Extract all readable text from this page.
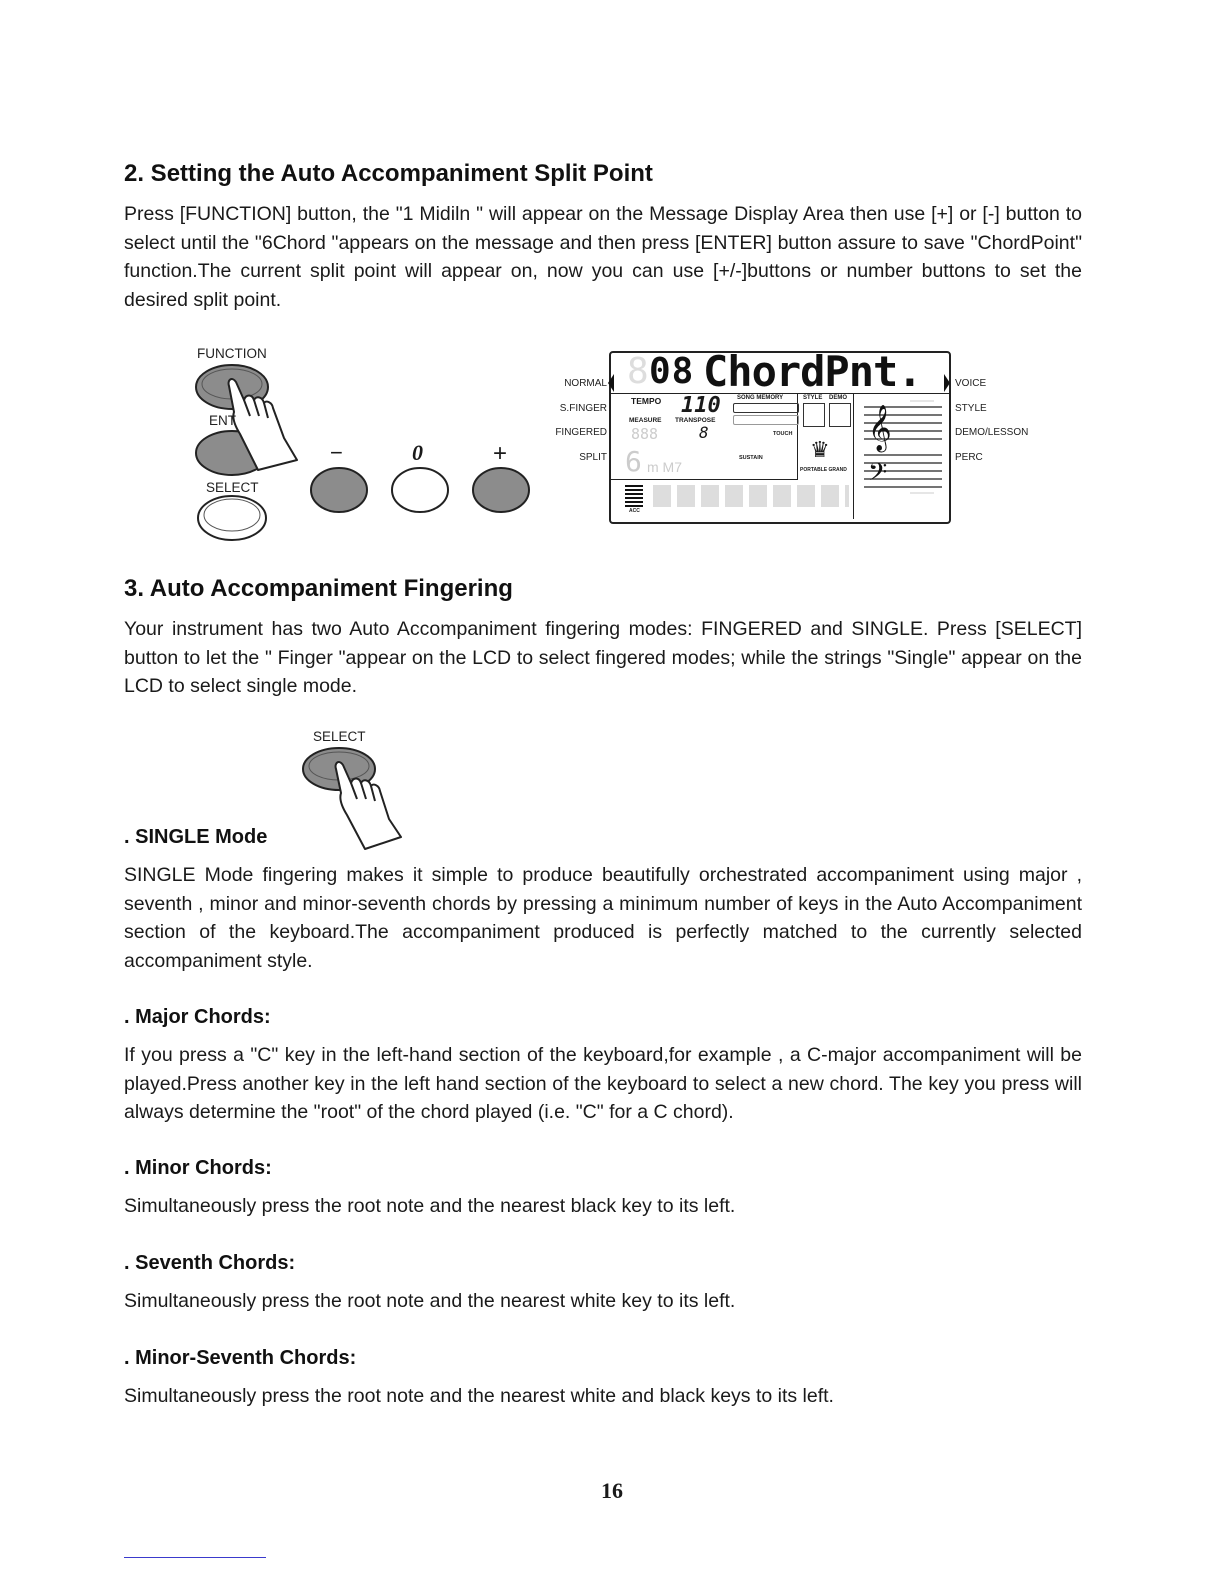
2. Setting the Auto Accompaniment Split Point
Press [FUNCTION] button, the "1 Midiln " will appear on the Message Display Area then use [+] or [-] button to select until the "6Chord "appears on the message and then press [ENTER] button assure to save "ChordPoint" function.The current split point will appear on, now you can use [+/-]buttons or number buttons to set the desired split point.
FUNCTION
SELECT
ENT
−	0	+
NORMAL
S.FINGER
FINGERED
SPLIT
VOICE
STYLE
DEMO/LESSON
PERC
8 08 ChordPnt.
TEMPO 110
MEASURE TRANSPOSE
888	8
6 m M7
SONG MEMORY	STYLE DEMO
TOUCH
SUSTAIN ♛
PORTABLE GRAND
𝄞
𝄢
ACC
3. Auto Accompaniment Fingering
Your instrument has two Auto Accompaniment fingering modes: FINGERED and SINGLE. Press [SELECT] button to let the " Finger "appear on the LCD to select fingered modes; while the strings "Single" appear on the LCD to select single mode.
SELECT
. SINGLE Mode
SINGLE Mode fingering makes it simple to produce beautifully orchestrated accompaniment using major , seventh , minor and minor-seventh chords by pressing a minimum number of keys in the Auto Accompaniment section of the keyboard.The accompaniment produced is perfectly matched to the currently selected accompaniment style.
. Major Chords:
If you press a "C" key in the left-hand section of the keyboard,for example , a C-major accompaniment will be played.Press another key in the left hand section of the keyboard to select a new chord. The key you press will always determine the "root" of the chord played (i.e. "C" for a C chord).
. Minor Chords:
Simultaneously press the root note and the nearest black key to its left.
. Seventh Chords:
Simultaneously press the root note and the nearest white key to its left.
. Minor-Seventh Chords:
Simultaneously press the root note and the nearest white and black keys to its left.
16
